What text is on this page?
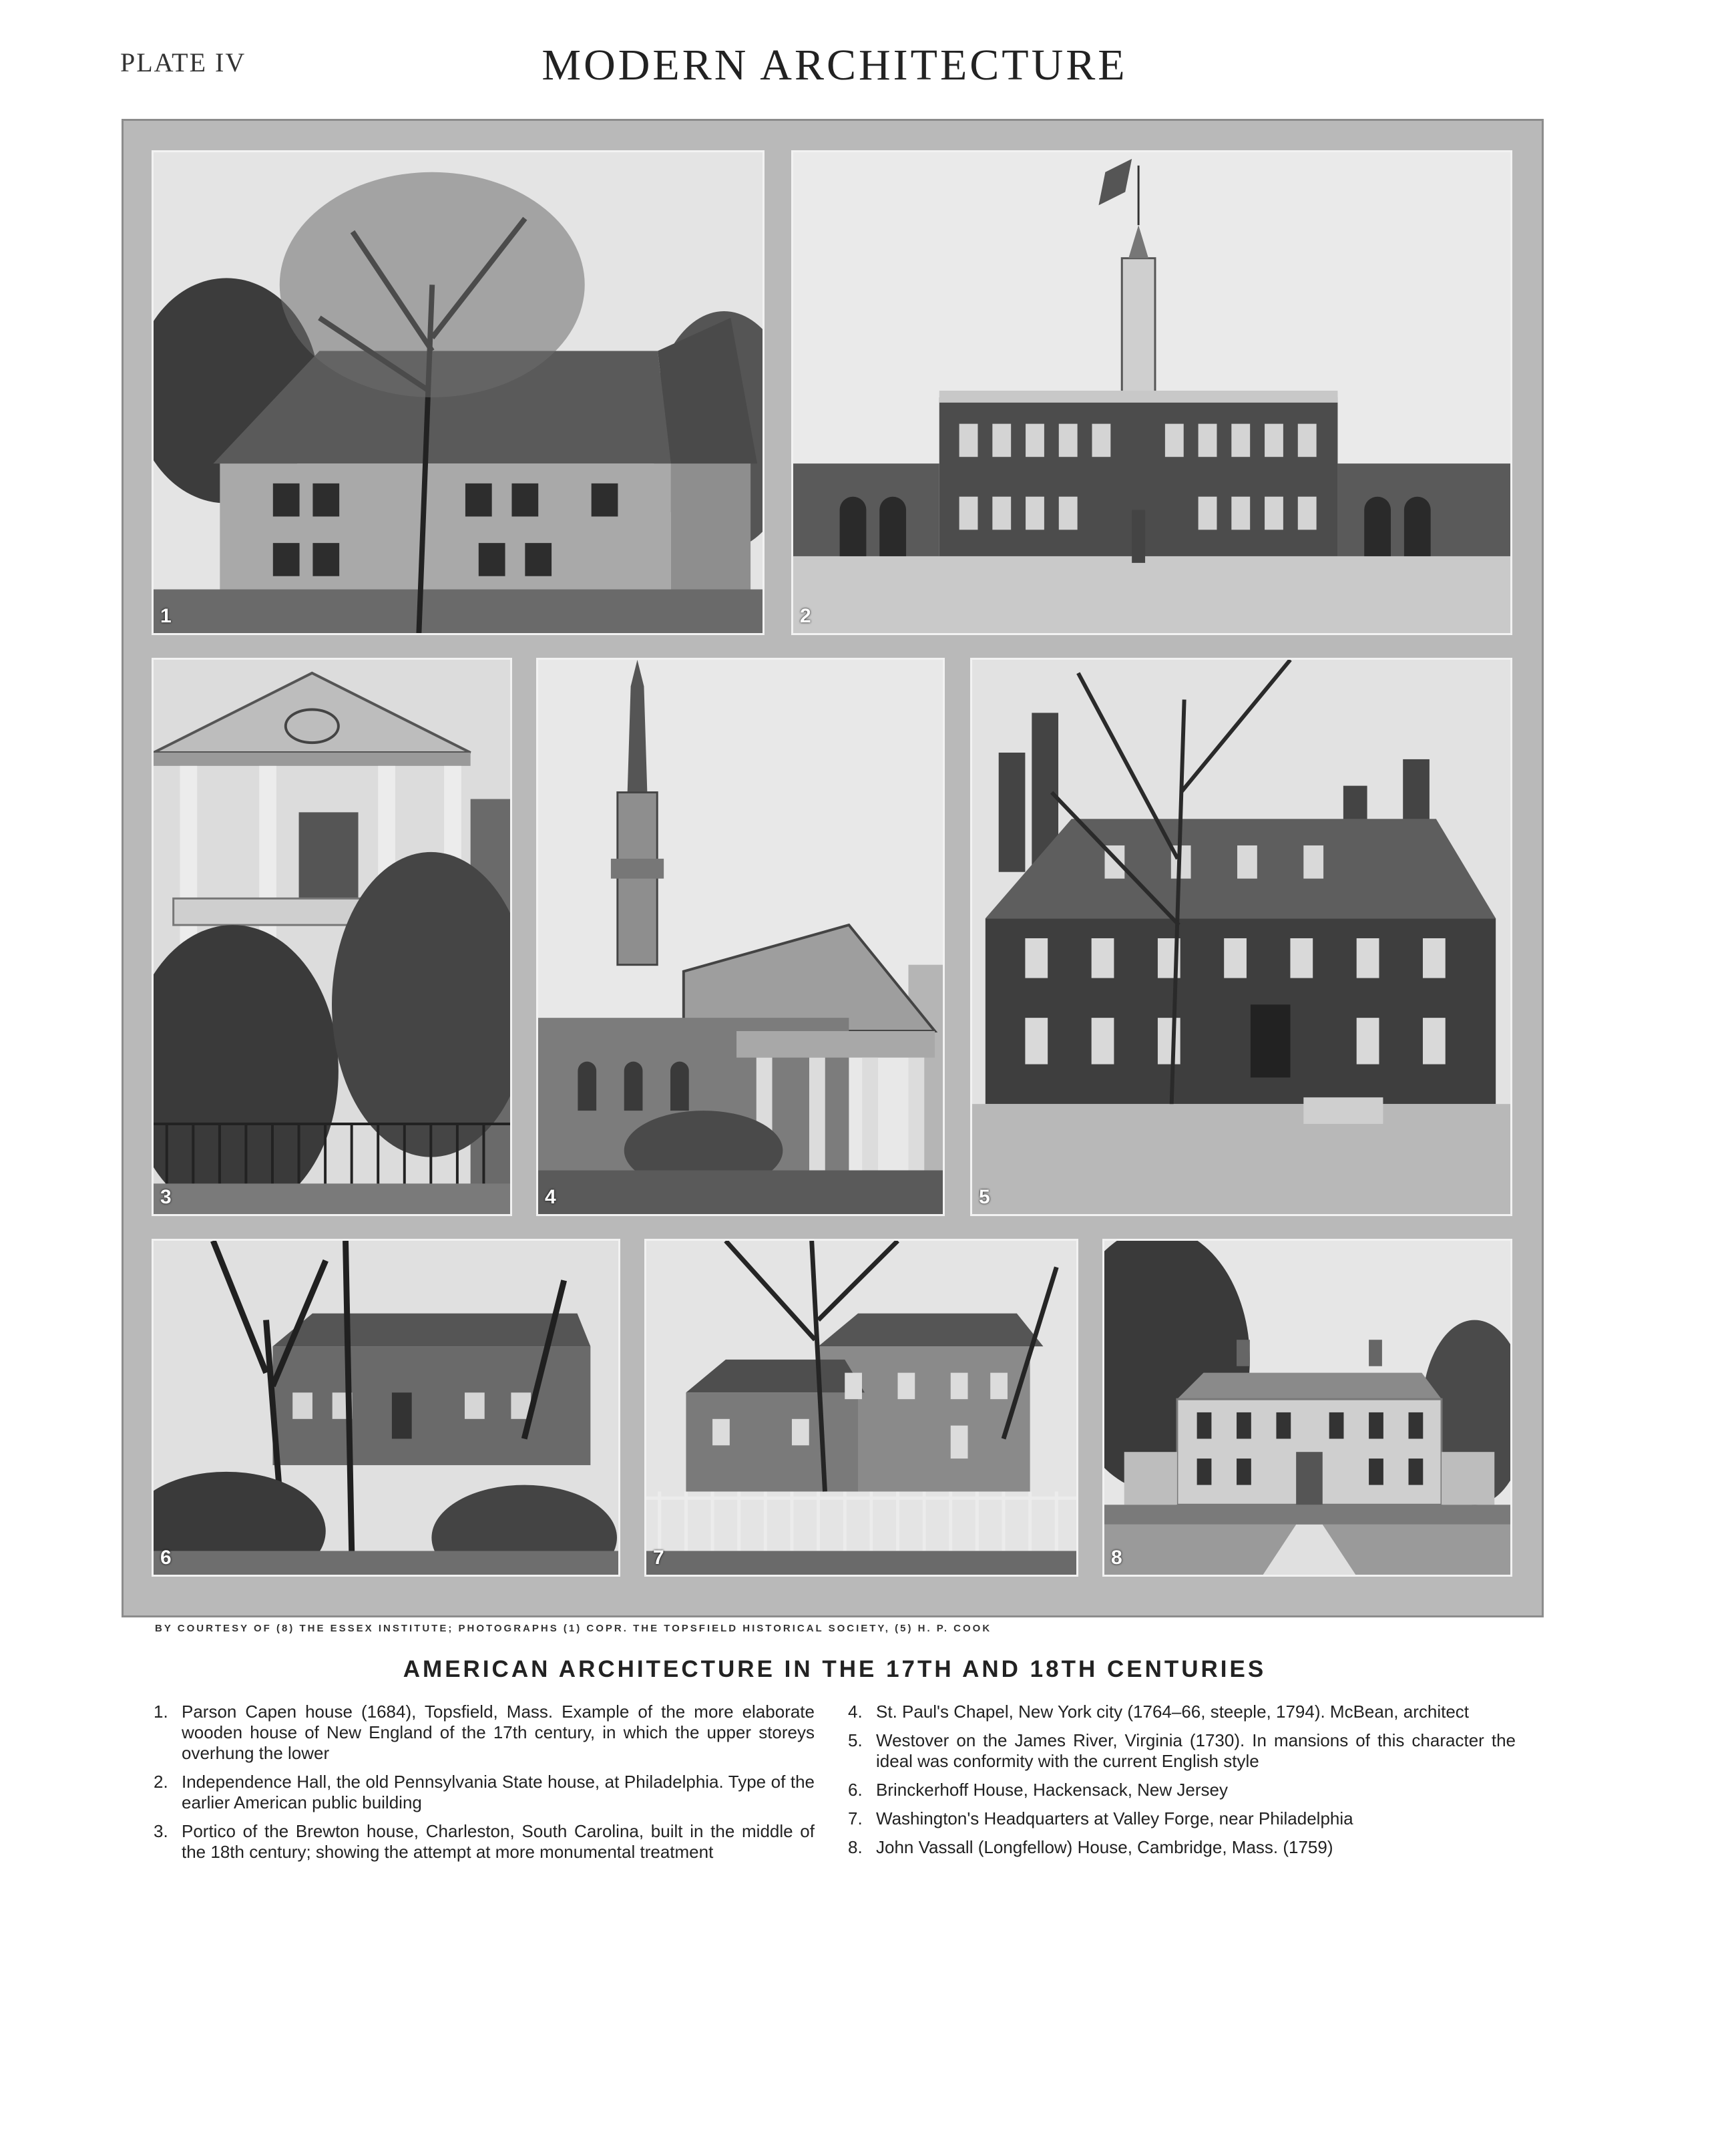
PLATE IV	MODERN ARCHITECTURE
1	2
3	4	5
6	7	8
BY COURTESY OF (8) THE ESSEX INSTITUTE; PHOTOGRAPHS (1) COPR. THE TOPSFIELD HISTORICAL SOCIETY, (5) H. P. COOK
AMERICAN ARCHITECTURE IN THE 17TH AND 18TH CENTURIES
1. Parson Capen house (1684), Topsfield, Mass. Example of the more elaborate wooden house of New England of the 17th century, in which the upper storeys overhung the lower
2. Independence Hall, the old Pennsylvania State house, at Philadelphia. Type of the earlier American public building
3. Portico of the Brewton house, Charleston, South Carolina, built in the middle of the 18th century; showing the attempt at more monumental treatment
4. St. Paul's Chapel, New York city (1764–66, steeple, 1794). McBean, architect
5. Westover on the James River, Virginia (1730). In mansions of this character the ideal was conformity with the current English style
6. Brinckerhoff House, Hackensack, New Jersey
7. Washington's Headquarters at Valley Forge, near Philadelphia
8. John Vassall (Longfellow) House, Cambridge, Mass. (1759)
